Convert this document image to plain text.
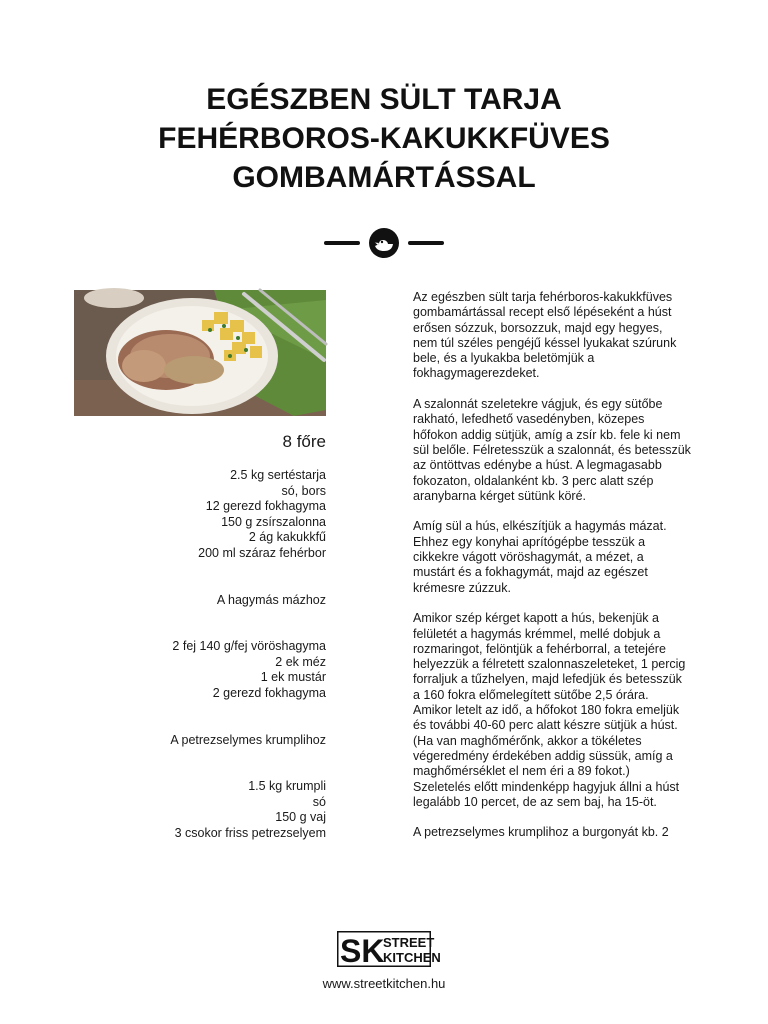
EGÉSZBEN SÜLT TARJA
FEHÉRBOROS-KAKUKKFÜVES
GOMBAMÁRTÁSSAL
8 főre
2.5 kg sertéstarja
só, bors
12 gerezd fokhagyma
150 g zsírszalonna
2 ág kakukkfű
200 ml száraz fehérbor
A hagymás mázhoz
2 fej 140 g/fej vöröshagyma
2 ek méz
1 ek mustár
2 gerezd fokhagyma
A petrezselymes krumplihoz
1.5 kg krumpli
só
150 g vaj
3 csokor friss petrezselyem

Az egészben sült tarja fehérboros-kakukkfüves
gombamártással recept első lépéseként a húst
erősen sózzuk, borsozzuk, majd egy hegyes,
nem túl széles pengéjű késsel lyukakat szúrunk
bele, és a lyukakba beletömjük a
fokhagymagerezdeket.

A szalonnát szeletekre vágjuk, és egy sütőbe
rakható, lefedhető vasedényben, közepes
hőfokon addig sütjük, amíg a zsír kb. fele ki nem
sül belőle. Félretesszük a szalonnát, és betesszük
az öntöttvas edénybe a húst. A legmagasabb
fokozaton, oldalanként kb. 3 perc alatt szép
aranybarna kérget sütünk köré.

Amíg sül a hús, elkészítjük a hagymás mázat.
Ehhez egy konyhai aprítógépbe tesszük a
cikkekre vágott vöröshagymát, a mézet, a
mustárt és a fokhagymát, majd az egészet
krémesre zúzzuk.

Amikor szép kérget kapott a hús, bekenjük a
felületét a hagymás krémmel, mellé dobjuk a
rozmaringot, felöntjük a fehérborral, a tetejére
helyezzük a félretett szalonnaszeleteket, 1 percig
forraljuk a tűzhelyen, majd lefedjük és betesszük
a 160 fokra előmelegített sütőbe 2,5 órára.
Amikor letelt az idő, a hőfokot 180 fokra emeljük
és további 40-60 perc alatt készre sütjük a húst.
(Ha van maghőmérőnk, akkor a tökéletes
végeredmény érdekében addig süssük, amíg a
maghőmérséklet el nem éri a 89 fokot.)
Szeletelés előtt mindenképp hagyjuk állni a húst
legalább 10 percet, de az sem baj, ha 15-öt.

A petrezselymes krumplihoz a burgonyát kb. 2

SK
STREET
KITCHEN
www.streetkitchen.hu
